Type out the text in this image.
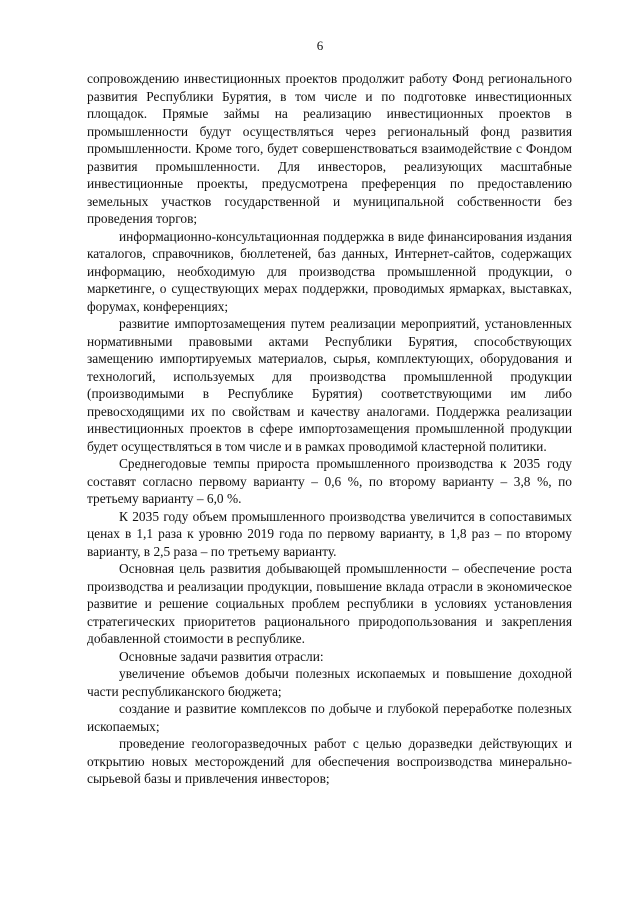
6

сопровождению инвестиционных проектов продолжит работу Фонд регионального развития Республики Бурятия, в том числе и по подготовке инвестиционных площадок. Прямые займы на реализацию инвестиционных проектов в промышленности будут осуществляться через региональный фонд развития промышленности. Кроме того, будет совершенствоваться взаимодействие с Фондом развития промышленности. Для инвесторов, реализующих масштабные инвестиционные проекты, предусмотрена преференция по предоставлению земельных участков государственной и муниципальной собственности без проведения торгов;

информационно-консультационная поддержка в виде финансирования издания каталогов, справочников, бюллетеней, баз данных, Интернет-сайтов, содержащих информацию, необходимую для производства промышленной продукции, о маркетинге, о существующих мерах поддержки, проводимых ярмарках, выставках, форумах, конференциях;

развитие импортозамещения путем реализации мероприятий, установленных нормативными правовыми актами Республики Бурятия, способствующих замещению импортируемых материалов, сырья, комплектующих, оборудования и технологий, используемых для производства промышленной продукции (производимыми в Республике Бурятия) соответствующими им либо превосходящими их по свойствам и качеству аналогами. Поддержка реализации инвестиционных проектов в сфере импортозамещения промышленной продукции будет осуществляться в том числе и в рамках проводимой кластерной политики.

Среднегодовые темпы прироста промышленного производства к 2035 году составят согласно первому варианту – 0,6 %, по второму варианту – 3,8 %, по третьему варианту – 6,0 %.

К 2035 году объем промышленного производства увеличится в сопоставимых ценах в 1,1 раза к уровню 2019 года по первому варианту, в 1,8 раз – по второму варианту, в 2,5 раза – по третьему варианту.

Основная цель развития добывающей промышленности – обеспечение роста производства и реализации продукции, повышение вклада отрасли в экономическое развитие и решение социальных проблем республики в условиях установления стратегических приоритетов рационального природопользования и закрепления добавленной стоимости в республике.

Основные задачи развития отрасли:

увеличение объемов добычи полезных ископаемых и повышение доходной части республиканского бюджета;

создание и развитие комплексов по добыче и глубокой переработке полезных ископаемых;

проведение геологоразведочных работ с целью доразведки действующих и открытию новых месторождений для обеспечения воспроизводства минерально-сырьевой базы и привлечения инвесторов;
